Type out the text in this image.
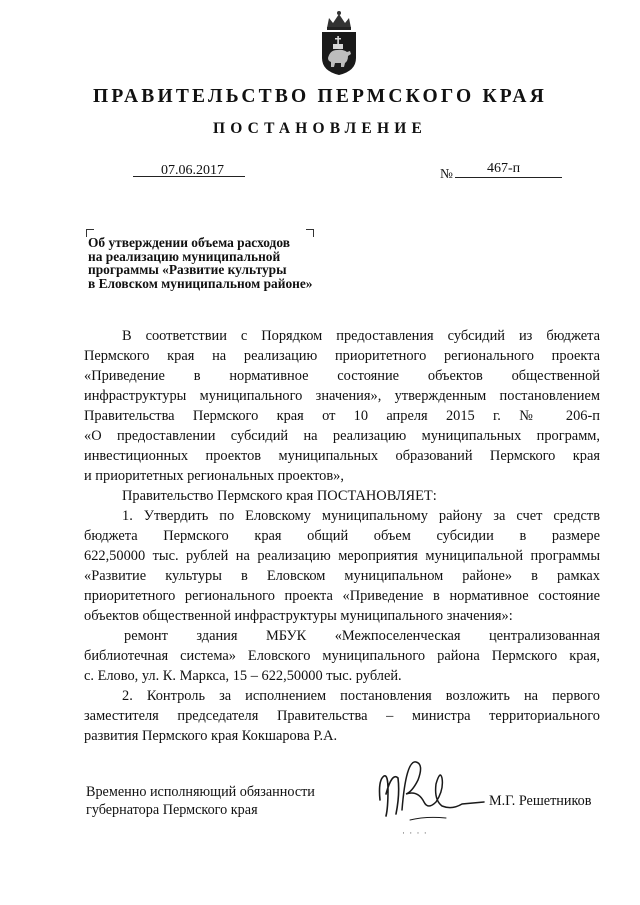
ПРАВИТЕЛЬСТВО ПЕРМСКОГО КРАЯ
ПОСТАНОВЛЕНИЕ
07.06.2017	№ 467-п
Об утверждении объема расходов
на реализацию муниципальной
программы «Развитие культуры
в Еловском муниципальном районе»
В соответствии с Порядком предоставления субсидий из бюджета
Пермского края на реализацию приоритетного регионального проекта
«Приведение в нормативное состояние объектов общественной
инфраструктуры муниципального значения», утвержденным постановлением
Правительства Пермского края от 10 апреля 2015 г. № 206-п
«О предоставлении субсидий на реализацию муниципальных программ,
инвестиционных проектов муниципальных образований Пермского края
и приоритетных региональных проектов»,
Правительство Пермского края ПОСТАНОВЛЯЕТ:
1. Утвердить по Еловскому муниципальному району за счет средств
бюджета Пермского края общий объем субсидии в размере
622,50000 тыс. рублей на реализацию мероприятия муниципальной программы
«Развитие культуры в Еловском муниципальном районе» в рамках
приоритетного регионального проекта «Приведение в нормативное состояние
объектов общественной инфраструктуры муниципального значения»:
ремонт здания МБУК «Межпоселенческая централизованная
библиотечная система» Еловского муниципального района Пермского края,
с. Елово, ул. К. Маркса, 15 – 622,50000 тыс. рублей.
2. Контроль за исполнением постановления возложить на первого
заместителя председателя Правительства – министра территориального
развития Пермского края Кокшарова Р.А.
Временно исполняющий обязанности
губернатора Пермского края
М.Г. Решетников
· · · ·
